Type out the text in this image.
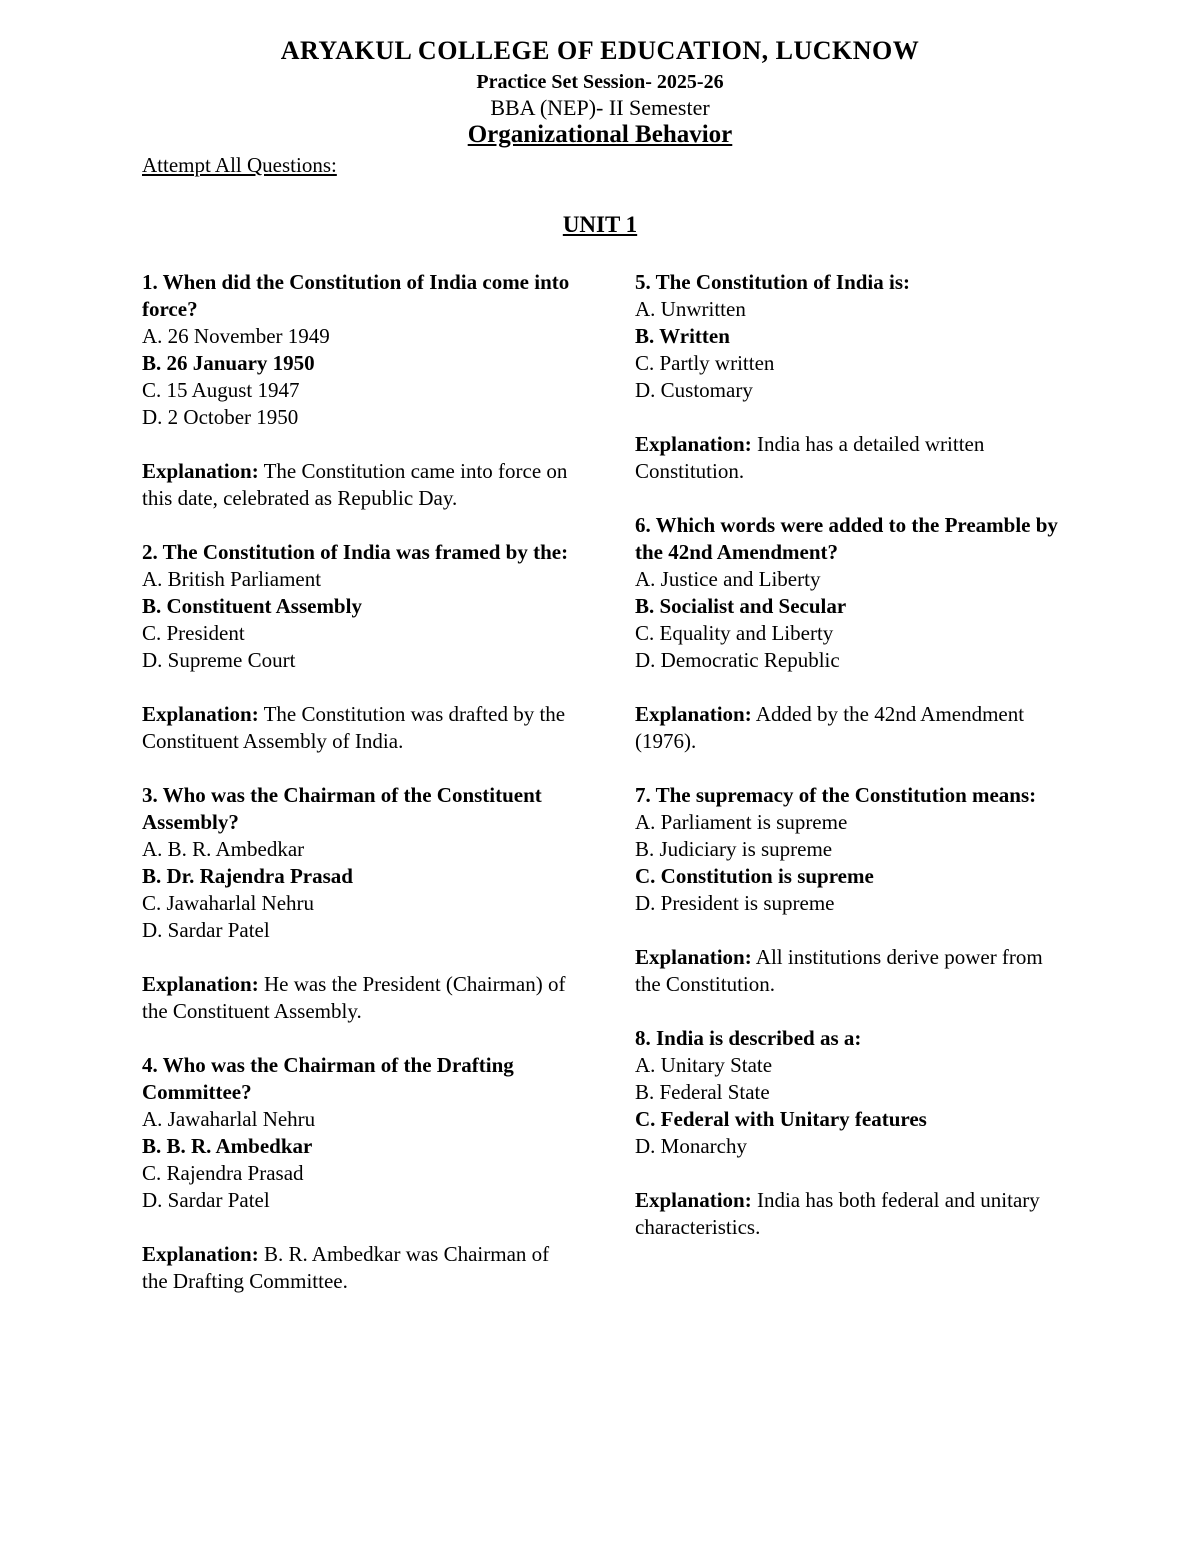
ARYAKUL COLLEGE OF EDUCATION, LUCKNOW
Practice Set Session- 2025-26
BBA (NEP)- II Semester
Organizational Behavior
Attempt All Questions:
UNIT 1
1. When did the Constitution of India come into force?
A. 26 November 1949
B. 26 January 1950
C. 15 August 1947
D. 2 October 1950
Explanation: The Constitution came into force on this date, celebrated as Republic Day.
2. The Constitution of India was framed by the:
A. British Parliament
B. Constituent Assembly
C. President
D. Supreme Court
Explanation: The Constitution was drafted by the Constituent Assembly of India.
3. Who was the Chairman of the Constituent Assembly?
A. B. R. Ambedkar
B. Dr. Rajendra Prasad
C. Jawaharlal Nehru
D. Sardar Patel
Explanation: He was the President (Chairman) of the Constituent Assembly.
4. Who was the Chairman of the Drafting Committee?
A. Jawaharlal Nehru
B. B. R. Ambedkar
C. Rajendra Prasad
D. Sardar Patel
Explanation: B. R. Ambedkar was Chairman of the Drafting Committee.
5. The Constitution of India is:
A. Unwritten
B. Written
C. Partly written
D. Customary
Explanation: India has a detailed written Constitution.
6. Which words were added to the Preamble by the 42nd Amendment?
A. Justice and Liberty
B. Socialist and Secular
C. Equality and Liberty
D. Democratic Republic
Explanation: Added by the 42nd Amendment (1976).
7. The supremacy of the Constitution means:
A. Parliament is supreme
B. Judiciary is supreme
C. Constitution is supreme
D. President is supreme
Explanation: All institutions derive power from the Constitution.
8. India is described as a:
A. Unitary State
B. Federal State
C. Federal with Unitary features
D. Monarchy
Explanation: India has both federal and unitary characteristics.
